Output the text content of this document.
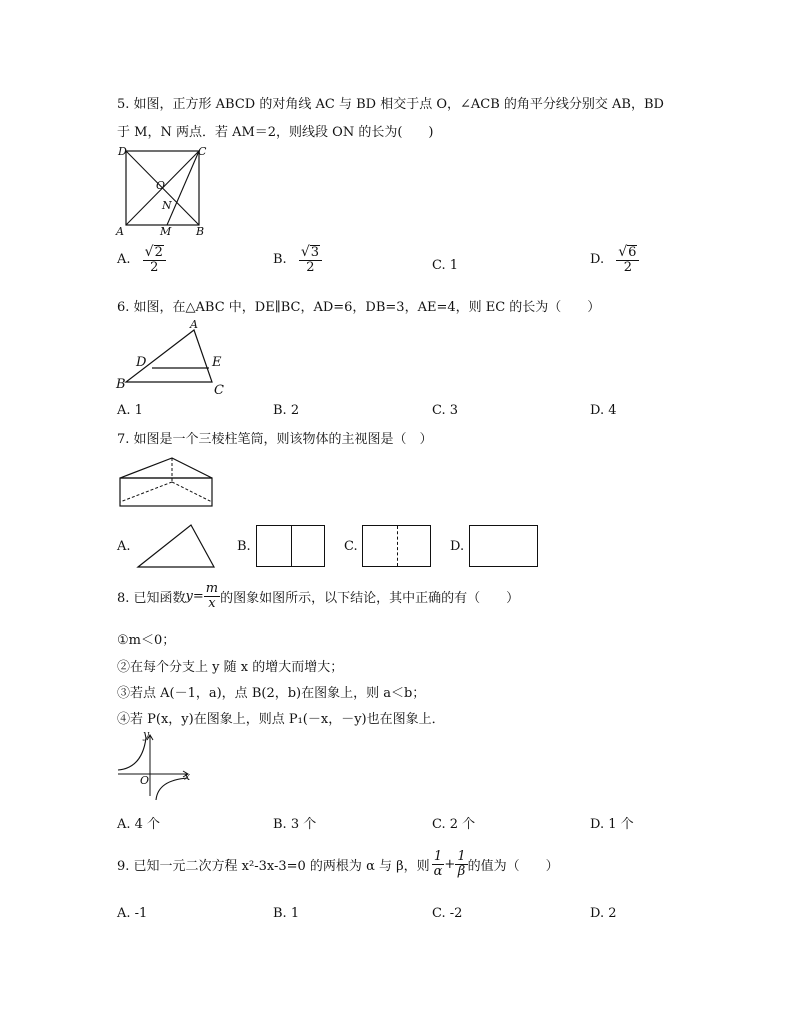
5. 如图，正方形 ABCD 的对角线 AC 与 BD 相交于点 O，∠ACB 的角平分线分别交 AB，BD
于 M，N 两点．若 AM＝2，则线段 ON 的长为(　　)
D	C
O
N
A	M B
A. $\frac{√ 2}{2}$	B. $\frac{√ 3}{2}$	C. 1	D. $\frac{√ 6}{2}$
6. 如图，在△ABC 中，DE∥BC，AD=6，DB=3，AE=4，则 EC 的长为（　　）
A
D	E
B	C
A. 1	B. 2	C. 3	D. 4
7. 如图是一个三棱柱笔筒，则该物体的主视图是（　）
A.	B.	C.	D.
8. 已知函数 $y= \frac{m}{x}$ 的图象如图所示，以下结论，其中正确的有（　　）
①m＜0；
②在每个分支上 y 随 x 的增大而增大；
③若点 A(－1，a)，点 B(2，b)在图象上，则 a＜b；
④若 P(x，y)在图象上，则点 P₁(－x，－y)也在图象上．
y
O	x
A. 4 个	B. 3 个	C. 2 个	D. 1 个
9. 已知一元二次方程 x²-3x-3=0 的两根为 α 与 β，则 $\frac{1}{\alpha} + \frac{1}{\beta}$ 的值为（　　）
A. -1	B. 1	C. -2	D. 2
